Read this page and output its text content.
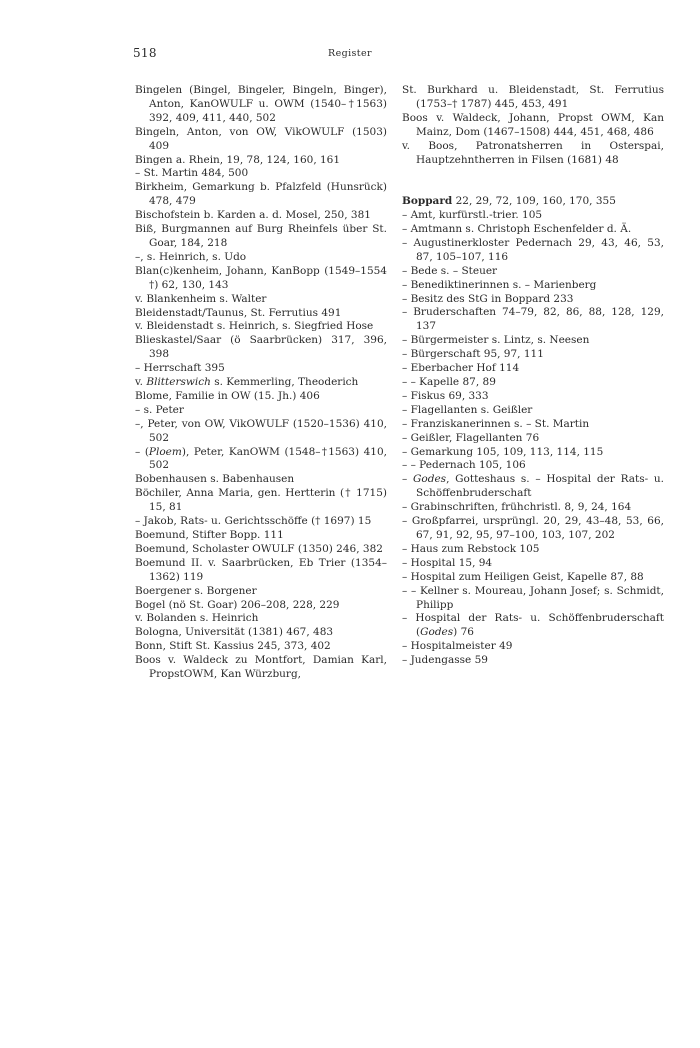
518	Register
Bingelen (Bingel, Bingeler, Bingeln, Binger), Anton, KanOWULF u. OWM (1540–†1563) 392, 409, 411, 440, 502
Bingeln, Anton, von OW, VikOWULF (1503) 409
Bingen a. Rhein, 19, 78, 124, 160, 161
– St. Martin 484, 500
Birkheim, Gemarkung b. Pfalzfeld (Hunsrück) 478, 479
Bischofstein b. Karden a. d. Mosel, 250, 381
Biß, Burgmannen auf Burg Rheinfels über St. Goar, 184, 218
–, s. Heinrich, s. Udo
Blan(c)kenheim, Johann, KanBopp (1549–1554 †) 62, 130, 143
v. Blankenheim s. Walter
Bleidenstadt/Taunus, St. Ferrutius 491
v. Bleidenstadt s. Heinrich, s. Siegfried Hose
Blieskastel/Saar (ö Saarbrücken) 317, 396, 398
– Herrschaft 395
v. Blitterswich s. Kemmerling, Theoderich
Blome, Familie in OW (15. Jh.) 406
– s. Peter
–, Peter, von OW, VikOWULF (1520–1536) 410, 502
– (Ploem), Peter, KanOWM (1548–†1563) 410, 502
Bobenhausen s. Babenhausen
Böchiler, Anna Maria, gen. Hertterin († 1715) 15, 81
– Jakob, Rats- u. Gerichtsschöffe († 1697) 15
Boemund, Stifter Bopp. 111
Boemund, Scholaster OWULF (1350) 246, 382
Boemund II. v. Saarbrücken, Eb Trier (1354–1362) 119
Boergener s. Borgener
Bogel (nö St. Goar) 206–208, 228, 229
v. Bolanden s. Heinrich
Bologna, Universität (1381) 467, 483
Bonn, Stift St. Kassius 245, 373, 402
Boos v. Waldeck zu Montfort, Damian Karl, PropstOWM, Kan Würzburg,
St. Burkhard u. Bleidenstadt, St. Ferrutius (1753–† 1787) 445, 453, 491
Boos v. Waldeck, Johann, Propst OWM, Kan Mainz, Dom (1467–1508) 444, 451, 468, 486
v. Boos, Patronatsherren in Osterspai, Hauptzehntherren in Filsen (1681) 48
Boppard 22, 29, 72, 109, 160, 170, 355
– Amt, kurfürstl.-trier. 105
– Amtmann s. Christoph Eschenfelder d. Ä.
– Augustinerkloster Pedernach 29, 43, 46, 53, 87, 105–107, 116
– Bede s. – Steuer
– Benediktinerinnen s. – Marienberg
– Besitz des StG in Boppard 233
– Bruderschaften 74–79, 82, 86, 88, 128, 129, 137
– Bürgermeister s. Lintz, s. Neesen
– Bürgerschaft 95, 97, 111
– Eberbacher Hof 114
– – Kapelle 87, 89
– Fiskus 69, 333
– Flagellanten s. Geißler
– Franziskanerinnen s. – St. Martin
– Geißler, Flagellanten 76
– Gemarkung 105, 109, 113, 114, 115
– – Pedernach 105, 106
– Godes, Gotteshaus s. – Hospital der Rats- u. Schöffenbruderschaft
– Grabinschriften, frühchristl. 8, 9, 24, 164
– Großpfarrei, ursprüngl. 20, 29, 43–48, 53, 66, 67, 91, 92, 95, 97–100, 103, 107, 202
– Haus zum Rebstock 105
– Hospital 15, 94
– Hospital zum Heiligen Geist, Kapelle 87, 88
– – Kellner s. Moureau, Johann Josef; s. Schmidt, Philipp
– Hospital der Rats- u. Schöffenbruderschaft (Godes) 76
– Hospitalmeister 49
– Judengasse 59
